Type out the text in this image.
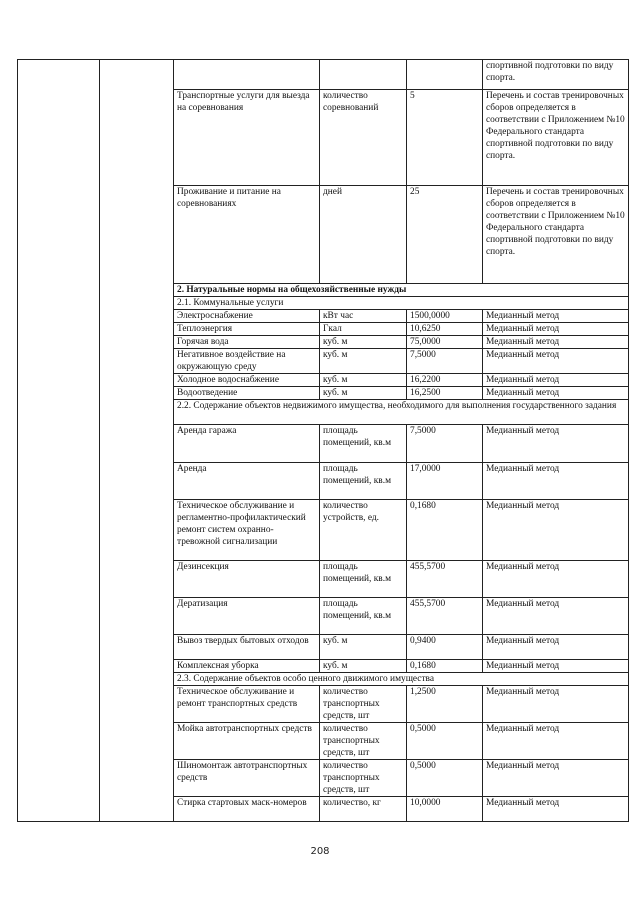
					спортивной подготовки по виду спорта.
		Транспортные услуги для выезда на соревнования	количество соревнований	5	Перечень и состав тренировочных сборов определяется в соответствии с Приложением №10 Федерального стандарта спортивной подготовки по виду спорта.
		Проживание и питание на соревнованиях	дней	25	Перечень и состав тренировочных сборов определяется в соответствии с Приложением №10 Федерального стандарта спортивной подготовки по виду спорта.
		2. Натуральные нормы на общехозяйственные нужды			
		2.1. Коммунальные услуги			
		Электроснабжение	кВт час	1500,0000	Медианный метод
		Теплоэнергия	Гкал	10,6250	Медианный метод
		Горячая вода	куб. м	75,0000	Медианный метод
		Негативное воздействие на окружающую среду	куб. м	7,5000	Медианный метод
		Холодное водоснабжение	куб. м	16,2200	Медианный метод
		Водоотведение	куб. м	16,2500	Медианный метод
		2.2. Содержание объектов недвижимого имущества, необходимого для выполнения государственного задания			
		Аренда гаража	площадь помещений, кв.м	7,5000	Медианный метод
		Аренда	площадь помещений, кв.м	17,0000	Медианный метод
		Техническое обслуживание и регламентно-профилактический ремонт систем охранно-тревожной сигнализации	количество устройств, ед.	0,1680	Медианный метод
		Дезинсекция	площадь помещений, кв.м	455,5700	Медианный метод
		Дератизация	площадь помещений, кв.м	455,5700	Медианный метод
		Вывоз твердых бытовых отходов	куб. м	0,9400	Медианный метод
		Комплексная уборка	куб. м	0,1680	Медианный метод
		2.3. Содержание объектов особо ценного движимого имущества			
		Техническое обслуживание и ремонт транспортных средств	количество транспортных средств, шт	1,2500	Медианный метод
		Мойка автотранспортных средств	количество транспортных средств, шт	0,5000	Медианный метод
		Шиномонтаж автотранспортных средств	количество транспортных средств, шт	0,5000	Медианный метод
		Стирка стартовых маск-номеров	количество, кг	10,0000	Медианный метод
208
